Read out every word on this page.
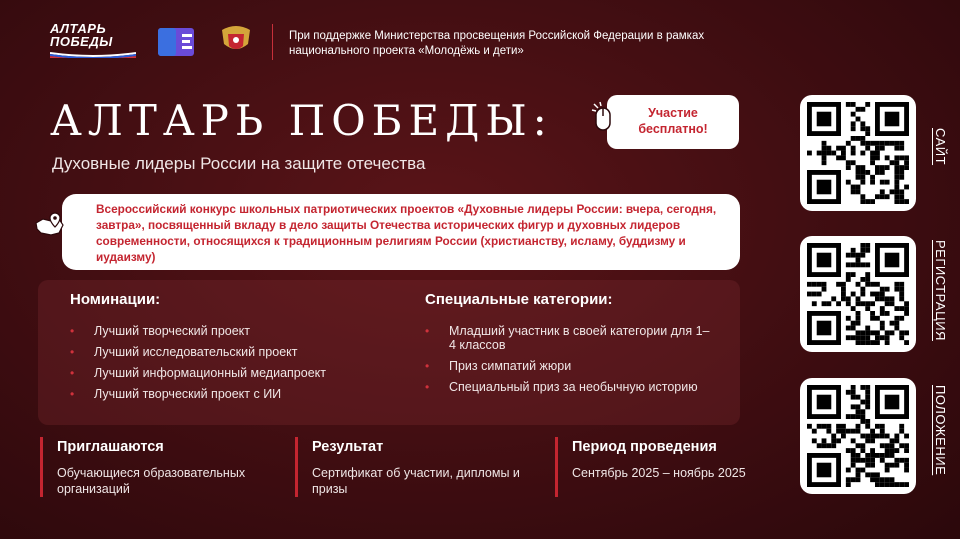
АЛТАРЬ ПОБЕДЫ	При поддержке Министерства просвещения Российской Федерации в рамках национального проекта «Молодёжь и дети»
АЛТАРЬ ПОБЕДЫ:
Духовные лидеры России на защите отечества
Участие
бесплатно!
Всероссийский конкурс школьных патриотических проектов «Духовные лидеры России: вчера, сегодня, завтра», посвященный вкладу в дело защиты Отечества исторических фигур и духовных лидеров современности, относящихся к традиционным религиям России (христианству, исламу, буддизму и иудаизму)
Номинации:
• Лучший творческий проект
• Лучший исследовательский проект
• Лучший информационный медиапроект
• Лучший творческий проект с ИИ
Специальные категории:
• Младший участник в своей категории для 1–4 классов
• Приз симпатий жюри
• Специальный приз за необычную историю
Приглашаются
Обучающиеся образовательных организаций
Результат
Сертификат об участии, дипломы и призы
Период проведения
Сентябрь 2025 – ноябрь 2025
САЙТ
РЕГИСТРАЦИЯ
ПОЛОЖЕНИЕ
